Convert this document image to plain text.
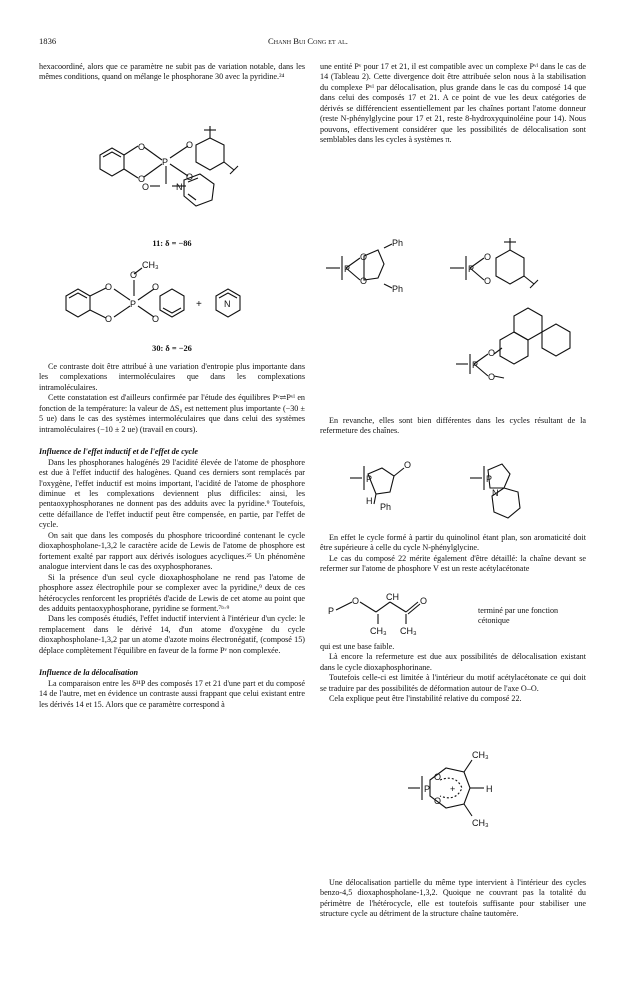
1836	Chanh Bui Cong et al.

hexacoordiné, alors que ce paramètre ne subit pas de variation notable, dans les mêmes conditions, quand on mélange le phosphorane 30 avec la pyridine.²⁴

O
O
P
O
O
O	N
11: δ = −86
P
O
O
O
O
O
CH₃
+ N
30: δ = −26

Ce contraste doit être attribué à une variation d'entropie plus importante dans les complexations intermoléculaires que dans les complexations intramoléculaires.

Cette constatation est d'ailleurs confirmée par l'étude des équilibres Pᵛ⇌Pᵛᴵ en fonction de la température: la valeur de ΔS₀ est nettement plus importante (−30 ± 5 ue) dans le cas des systèmes intermoléculaires que dans celui des systèmes intramoléculaires (−10 ± 2 ue) (travail en cours).

Influence de l'effet inductif et de l'effet de cycle

Dans les phosphoranes halogénés 29 l'acidité élevée de l'atome de phosphore est due à l'effet inductif des halogènes. Quand ces derniers sont remplacés par l'oxygène, l'effet inductif est moins important, l'acidité de l'atome de phosphore diminue et les complexations deviennent plus difficiles: ainsi, les pentaoxyphosphoranes ne donnent pas des adduits avec la pyridine.⁹ Toutefois, cette défaillance de l'effet inductif peut être compensée, en partie, par l'effet de cycle.

On sait que dans les composés du phosphore tricoordiné contenant le cycle dioxaphospholane-1,3,2 le caractère acide de Lewis de l'atome de phosphore est fortement exalté par rapport aux dérivés isologues acycliques.²⁵ Un phénomène analogue intervient dans le cas des oxyphosphoranes.

Si la présence d'un seul cycle dioxaphospholane ne rend pas l'atome de phosphore assez électrophile pour se complexer avec la pyridine,⁹ deux de ces hétérocycles renforcent les propriétés d'acide de Lewis de cet atome au point que des adduits pentaoxyphosphorane, pyridine se forment.⁷ᵇ·⁹

Dans les composés étudiés, l'effet inductif intervient à l'intérieur d'un cycle: le remplacement dans le dérivé 14, d'un atome d'oxygène du cycle dioxaphospholane-1,3,2 par un atome d'azote moins électronégatif, (composé 15) déplace complètement l'équilibre en faveur de la forme Pᵛ non complexée.

Influence de la délocalisation

La comparaison entre les δ³¹P des composés 17 et 21 d'une part et du composé 14 de l'autre, met en évidence un contraste aussi frappant que celui existant entre les dérivés 14 et 15. Alors que ce paramètre correspond à

une entité Pᵛ pour 17 et 21, il est compatible avec un complexe Pᵛᴵ dans le cas de 14 (Tableau 2). Cette divergence doit être attribuée selon nous à la stabilisation du complexe Pᵛᴵ par délocalisation, plus grande dans le cas du composé 14 que dans celui des composés 17 et 21. A ce point de vue les deux catégories de dérivés se différencient essentiellement par les chaînes portant l'atome donneur (reste N-phénylglycine pour 17 et 21, reste 8-hydroxyquinoléine pour 14). Nous pouvons, effectivement considérer que les possibilités de délocalisation sont semblables dans les cycles à systèmes π.

P
O
O
Ph
Ph
P
O
O
P
O
O

En revanche, elles sont bien différentes dans les cycles résultant de la refermeture des chaînes.

P
O
H
Ph
P
N

En effet le cycle formé à partir du quinolinol étant plan, son aromaticité doit être supérieure à celle du cycle N-phénylglycine.

Le cas du composé 22 mérite également d'être détaillé: la chaîne devant se refermer sur l'atome de phosphore V est un reste acétylacétonate

P
O	CH O
CH₃ CH₃
terminé par une fonction cétonique

qui est une base faible.

Là encore la refermeture est due aux possibilités de délocalisation existant dans le cycle dioxaphosphorinane.

Toutefois celle-ci est limitée à l'intérieur du motif acétylacétonate ce qui doit se traduire par des possibilités de déformation autour de l'axe O–O.

Cela explique peut être l'instabilité relative du composé 22.

P
O
O
+
CH₃
H
CH₃

Une délocalisation partielle du même type intervient à l'intérieur des cycles benzo-4,5 dioxaphospholane-1,3,2. Quoique ne couvrant pas la totalité du périmètre de l'hétérocycle, elle est toutefois suffisante pour stabiliser une structure cycle au détriment de la structure chaîne tautomère.
